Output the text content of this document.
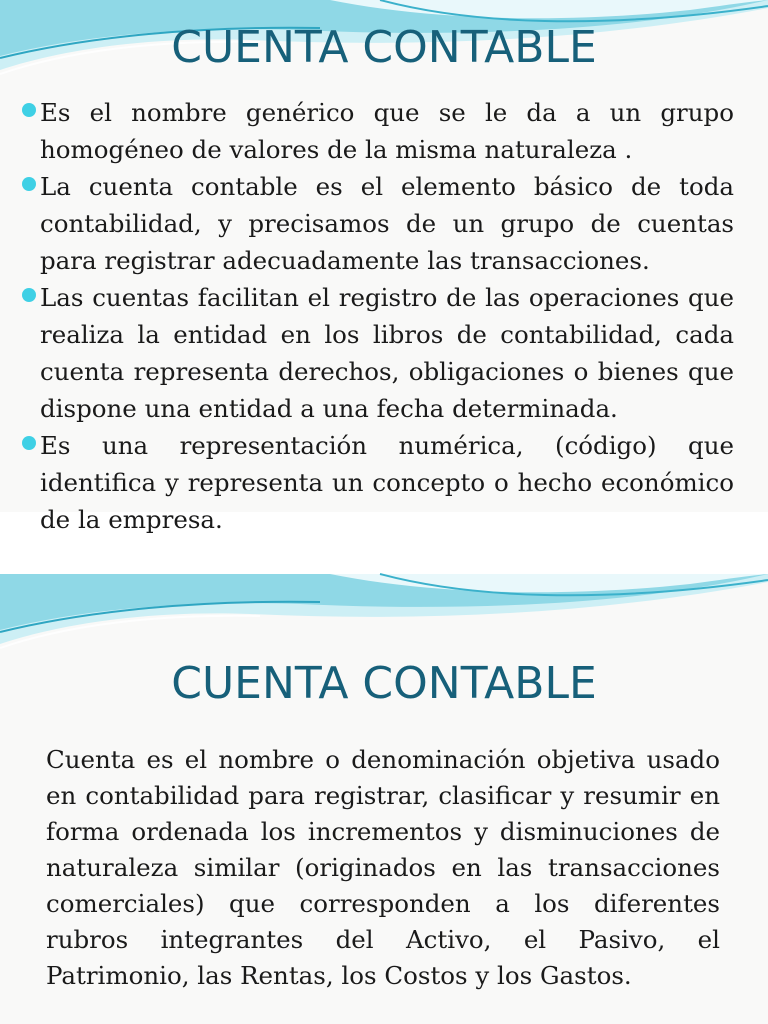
CUENTA CONTABLE
Es el nombre genérico que se le da a un grupo homogéneo de valores de la misma naturaleza .
La cuenta contable es el elemento básico de toda contabilidad, y precisamos de un grupo de cuentas para registrar adecuadamente las transacciones.
Las cuentas facilitan el registro de las operaciones que realiza la entidad en los libros de contabilidad, cada cuenta representa derechos, obligaciones o bienes que dispone una entidad a una fecha determinada.
Es una representación numérica, (código) que identifica y representa un concepto o hecho económico de la empresa.
CUENTA CONTABLE

Cuenta es el nombre o denominación objetiva usado en contabilidad para registrar, clasificar y resumir en forma ordenada los incrementos y disminuciones de naturaleza similar (originados en las transacciones comerciales) que corresponden a los diferentes rubros integrantes del Activo, el Pasivo, el Patrimonio, las Rentas, los Costos y los Gastos.
